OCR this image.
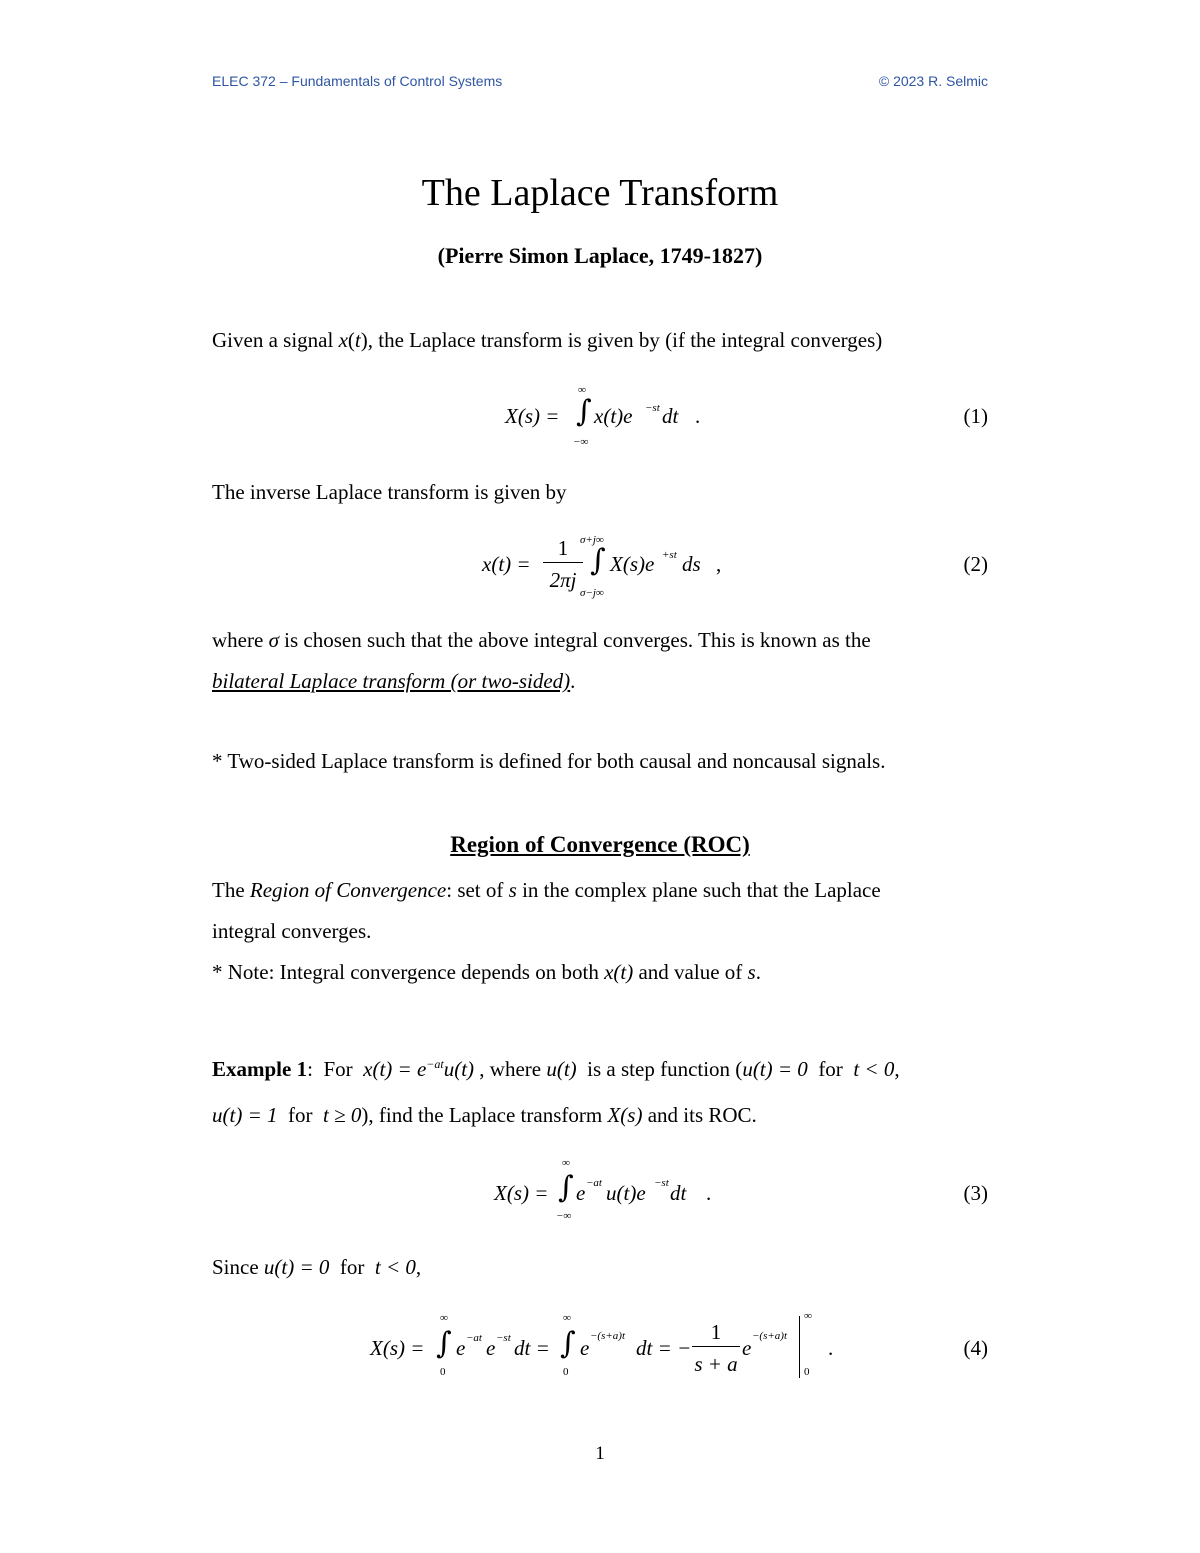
ELEC 372 – Fundamentals of Control Systems	© 2023 R. Selmic
The Laplace Transform
(Pierre Simon Laplace, 1749-1827)
Given a signal x(t), the Laplace transform is given by (if the integral converges)
X(s) =
∞
∫
−∞
x(t)e −st dt .	(1)
The inverse Laplace transform is given by
x(t) =
1
2πj
σ+j∞
∫
σ−j∞
X(s)e +st ds ,	(2)
where σ is chosen such that the above integral converges. This is known as the
bilateral Laplace transform (or two-sided).
* Two-sided Laplace transform is defined for both causal and noncausal signals.
Region of Convergence (ROC)
The Region of Convergence: set of s in the complex plane such that the Laplace
integral converges.
* Note: Integral convergence depends on both x(t) and value of s.
Example 1: For  $x(t) = e^{-at}u(t)$ , where u(t)  is a step function (u(t) = 0  for  t < 0,
u(t) = 1  for  t ≥ 0), find the Laplace transform X(s) and its ROC.
X(s) =
∞
∫
−∞
e −at u(t)e −st dt .	(3)
Since u(t) = 0  for  t < 0,
X(s) =
∞
∫
0
e −at e −st dt =
∞
∫
0
e −(s+a)t dt = −
1
s + a
e −(s+a)t
∞
0
.	(4)
1
